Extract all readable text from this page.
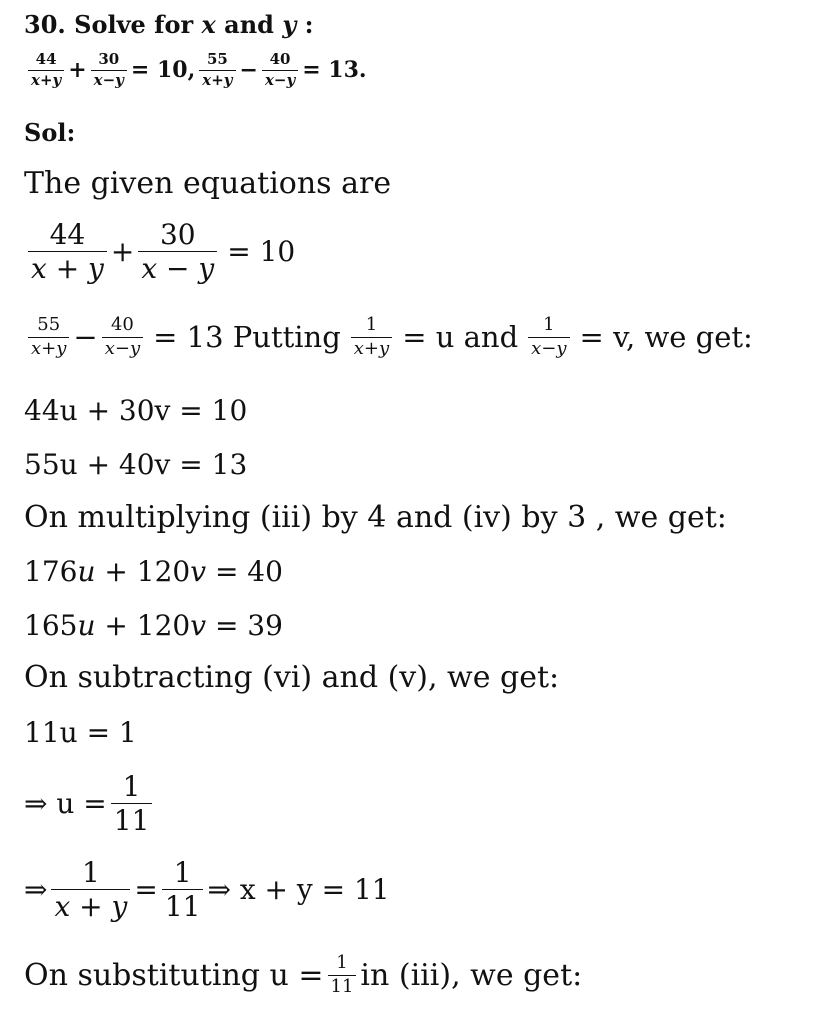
30.
Solve for
x
and
y
:
$\frac{44}{x+y} + \frac{30}{x-y} = 10$, $\frac{55}{x+y} - \frac{40}{x-y} = 13$.
Sol:
The given equations are
$\frac{44}{x + y} + \frac{30}{x - y} = 10$
$\frac{55}{x+y} - \frac{40}{x-y} = 13$ Putting $\frac{1}{x+y} = u$ and $\frac{1}{x-y} = v$, we get:
44u + 30v = 10
55u + 40v = 13
On multiplying (iii) by
4
and (iv) by
3
, we get:
176 u + 120 v = 40
165 u + 120 v = 39
On subtracting (vi) and (v), we get:
11u = 1
⇒ $u = \frac{1}{11}$
⇒ $\frac{1}{x + y} = \frac{1}{11}$ ⇒ x + y = 11
On substituting $u = \frac{1}{11}$ in (iii), we get:
